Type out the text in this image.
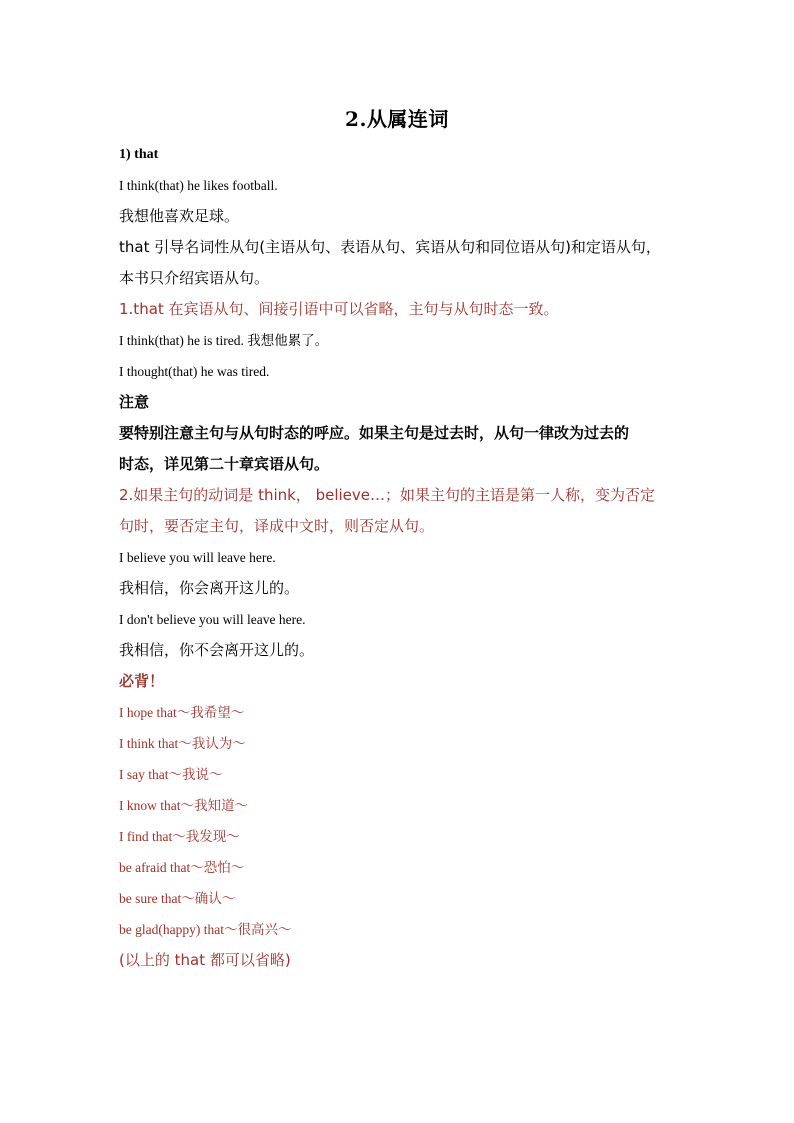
2.从属连词
1) that

I think(that) he likes football.

我想他喜欢足球。

that 引导名词性从句(主语从句、表语从句、宾语从句和同位语从句)和定语从句，

本书只介绍宾语从句。

1.that 在宾语从句、间接引语中可以省略，主句与从句时态一致。

I think(that) he is tired. 我想他累了。

I thought(that) he was tired.

注意

要特别注意主句与从句时态的呼应。如果主句是过去时，从句一律改为过去的

时态，详见第二十章宾语从句。

2.如果主句的动词是 think， believe…；如果主句的主语是第一人称，变为否定

句时，要否定主句，译成中文时，则否定从句。

I believe you will leave here.

我相信，你会离开这儿的。

I don't believe you will leave here.

我相信，你不会离开这儿的。

必背！

I hope that～我希望～

I think that～我认为～

I say that～我说～

I know that～我知道～

I find that～我发现～

be afraid that～恐怕～

be sure that～确认～

be glad(happy) that～很高兴～

(以上的 that 都可以省略)
